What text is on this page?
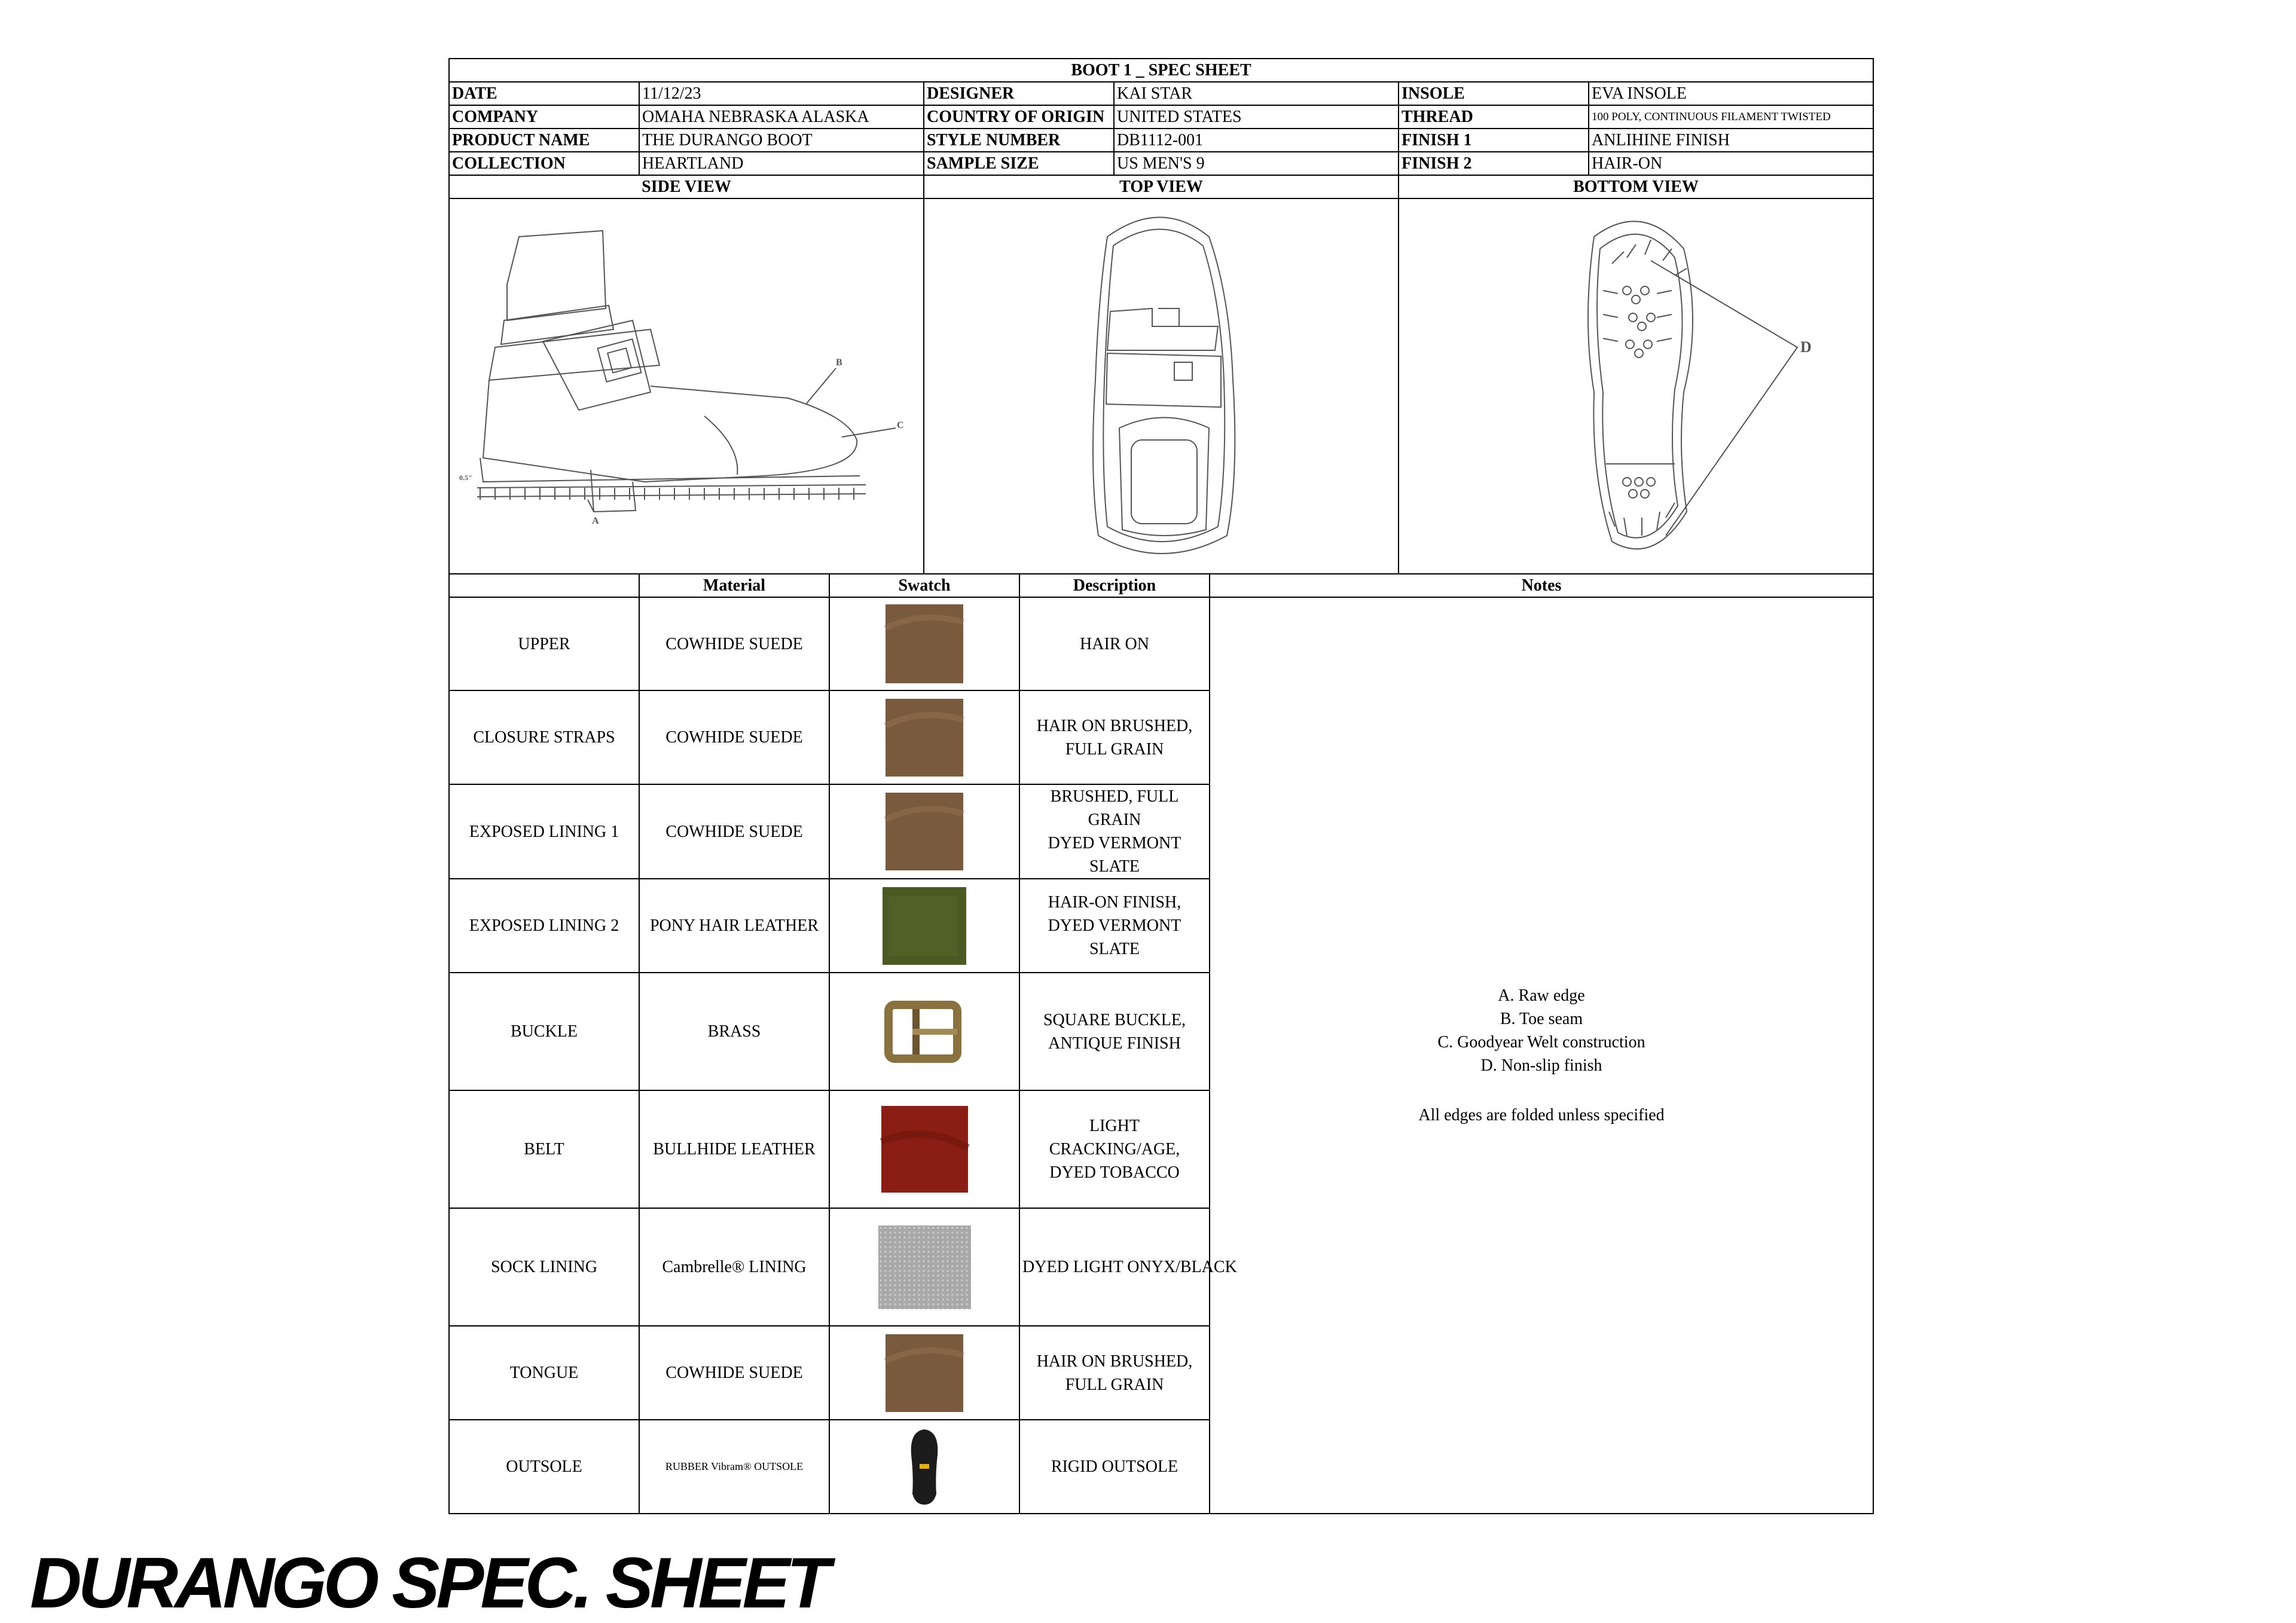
BOOT 1 _ SPEC SHEET					
DATE	11/12/23	DESIGNER	KAI STAR	INSOLE	EVA INSOLE
COMPANY	OMAHA NEBRASKA ALASKA	COUNTRY OF ORIGIN	UNITED STATES	THREAD	100 POLY, CONTINUOUS FILAMENT TWISTED
PRODUCT NAME	THE DURANGO BOOT	STYLE NUMBER	DB1112-001	FINISH 1	ANLIHINE FINISH
COLLECTION	HEARTLAND	SAMPLE SIZE	US MEN'S 9	FINISH 2	HAIR-ON
SIDE VIEW	TOP VIEW	BOTTOM VIEW

B
C
A
0.5"		D
	Material	Swatch	Description	Notes
UPPER	COWHIDE SUEDE		HAIR ON	A. Raw edge
B. Toe seam
C. Goodyear Welt construction
D. Non-slip finish
All edges are folded unless specified

CLOSURE STRAPS	COWHIDE SUEDE		HAIR ON BRUSHED,
FULL GRAIN	
EXPOSED LINING 1	COWHIDE SUEDE		BRUSHED, FULL
GRAIN
DYED VERMONT
SLATE	
EXPOSED LINING 2	PONY HAIR LEATHER		HAIR-ON FINISH,
DYED VERMONT
SLATE	
BUCKLE	BRASS		SQUARE BUCKLE,
ANTIQUE FINISH	
BELT	BULLHIDE LEATHER		LIGHT
CRACKING/AGE,
DYED TOBACCO	
SOCK LINING	Cambrelle® LINING		DYED LIGHT ONYX/BLACK	
TONGUE	COWHIDE SUEDE		HAIR ON BRUSHED,
FULL GRAIN	
OUTSOLE	RUBBER Vibram® OUTSOLE		RIGID OUTSOLE	
DURANGO SPEC. SHEET
